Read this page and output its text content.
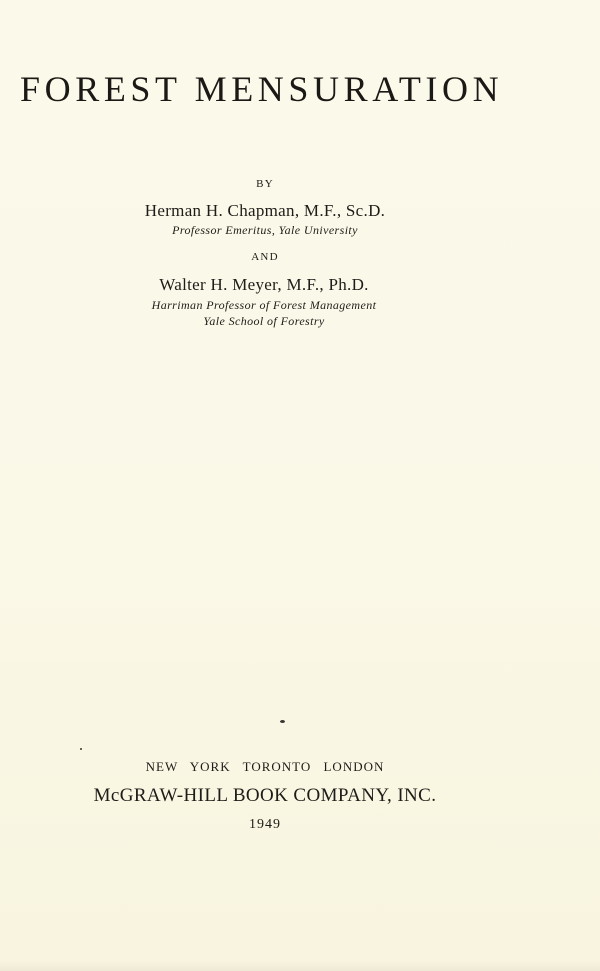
FOREST MENSURATION
BY
Herman H. Chapman, M.F., Sc.D.
Professor Emeritus, Yale University
AND
Walter H. Meyer, M.F., Ph.D.
Harriman Professor of Forest Management
Yale School of Forestry
NEW YORK TORONTO LONDON
McGRAW-HILL BOOK COMPANY, INC.
1949
